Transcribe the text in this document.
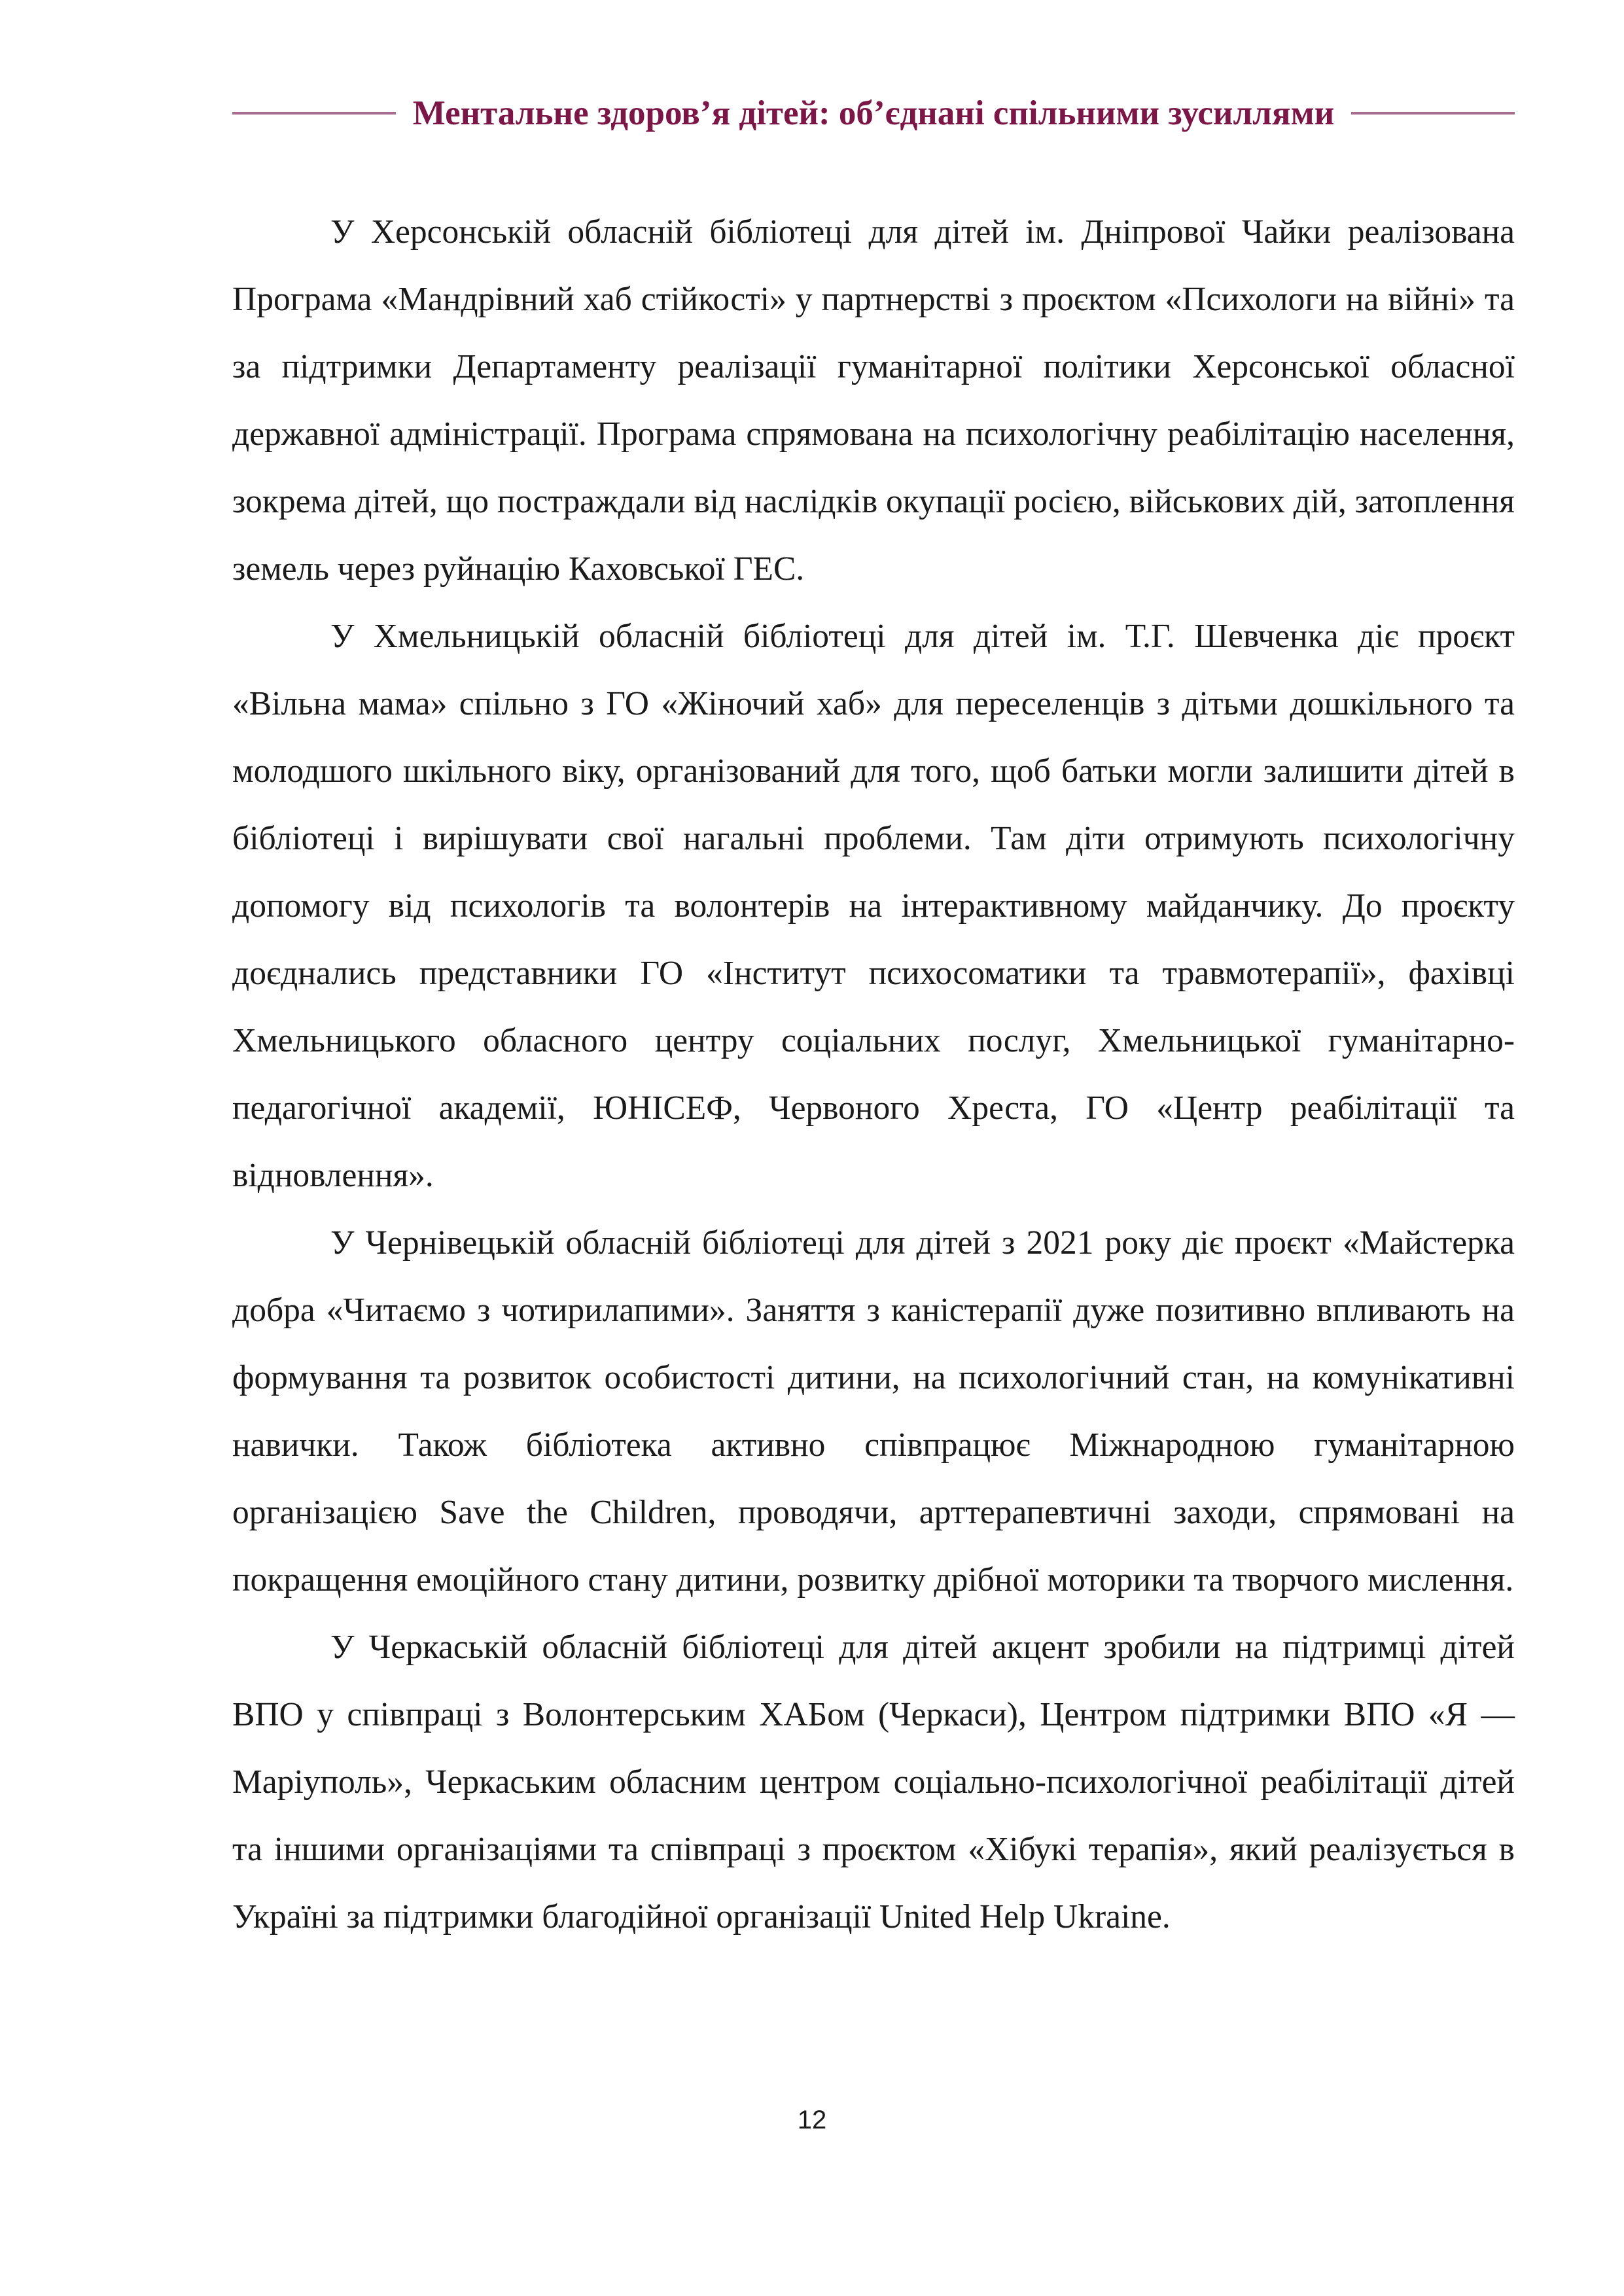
Ментальне здоров’я дітей: об’єднані спільними зусиллями

У Херсонській обласній бібліотеці для дітей ім. Дніпрової Чайки реалізована Програма «Мандрівний хаб стійкості» у партнерстві з проєктом «Психологи на війні» та за підтримки Департаменту реалізації гуманітарної політики Херсонської обласної державної адміністрації. Програма спрямована на психологічну реабілітацію населення, зокрема дітей, що постраждали від наслідків окупації росією, військових дій, затоплення земель через руйнацію Каховської ГЕС.

У Хмельницькій обласній бібліотеці для дітей ім. Т.Г. Шевченка діє проєкт «Вільна мама» спільно з ГО «Жіночий хаб» для переселенців з дітьми дошкільного та молодшого шкільного віку, організований для того, щоб батьки могли залишити дітей в бібліотеці і вирішувати свої нагальні проблеми. Там діти отримують психологічну допомогу від психологів та волонтерів на інтерактивному майданчику. До проєкту доєднались представники ГО «Інститут психосоматики та травмотерапії», фахівці Хмельницького обласного центру соціальних послуг, Хмельницької гуманітарно-педагогічної академії, ЮНІСЕФ, Червоного Хреста, ГО «Центр реабілітації та відновлення».

У Чернівецькій обласній бібліотеці для дітей з 2021 року діє проєкт «Майстерка добра «Читаємо з чотирилапими». Заняття з каністерапії дуже позитивно впливають на формування та розвиток особистості дитини, на психологічний стан, на комунікативні навички. Також бібліотека активно співпрацює Міжнародною гуманітарною організацією Save the Children, проводячи, арттерапевтичні заходи, спрямовані на покращення емоційного стану дитини, розвитку дрібної моторики та творчого мислення.

У Черкаській обласній бібліотеці для дітей акцент зробили на підтримці дітей ВПО у співпраці з Волонтерським ХАБом (Черкаси), Центром підтримки ВПО «Я — Маріуполь», Черкаським обласним центром соціально-психологічної реабілітації дітей та іншими організаціями та співпраці з проєктом «Хібукі терапія», який реалізується в Україні за підтримки благодійної організації United Help Ukraine.

12
